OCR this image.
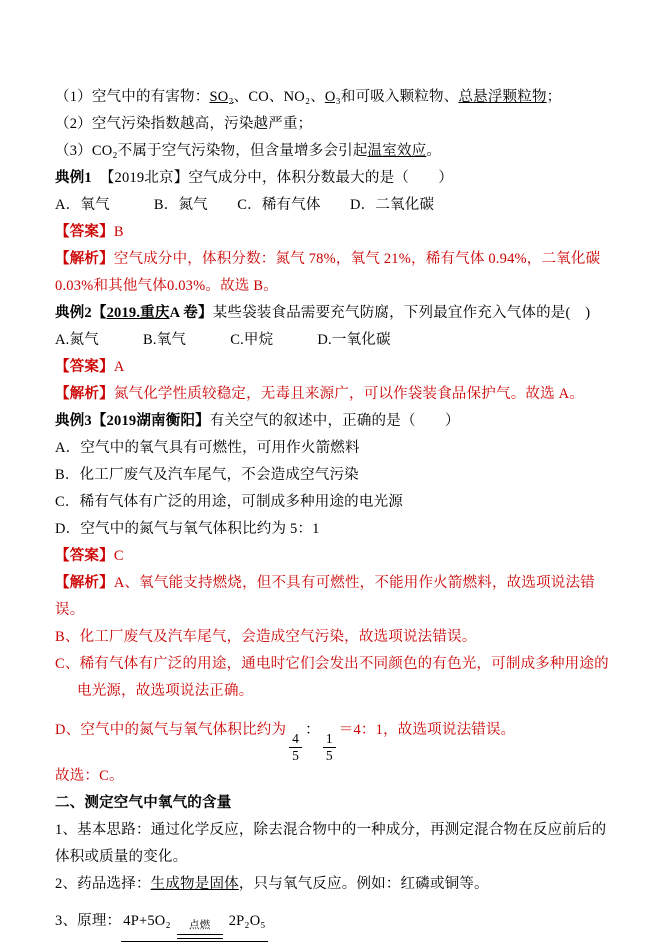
（1）空气中的有害物：SO₂、CO、NO₂、O₃和可吸入颗粒物、总悬浮颗粒物；

（2）空气污染指数越高，污染越严重；

（3）CO₂不属于空气污染物，但含量增多会引起温室效应。

典例1 【2019北京】空气成分中，体积分数最大的是（　　）

A．氧气　　　B．氮气　　C．稀有气体　　D．二氧化碳

【答案】B

【解析】空气成分中，体积分数：氮气 78%，氧气 21%，稀有气体 0.94%，二氧化碳 0.03%和其他气体0.03%。故选 B。

典例2【2019.重庆A 卷】某些袋装食品需要充气防腐，下列最宜作充入气体的是(　)

A.氮气　　　B.氧气　　　C.甲烷　　　D.一氧化碳

【答案】A

【解析】氮气化学性质较稳定，无毒且来源广，可以作袋装食品保护气。故选 A。

典例3【2019湖南衡阳】有关空气的叙述中，正确的是（　　）

A．空气中的氧气具有可燃性，可用作火箭燃料

B．化工厂废气及汽车尾气，不会造成空气污染

C．稀有气体有广泛的用途，可制成多种用途的电光源

D．空气中的氮气与氧气体积比约为 5：1

【答案】C

【解析】A、氧气能支持燃烧，但不具有可燃性，不能用作火箭燃料，故选项说法错误。

B、化工厂废气及汽车尾气，会造成空气污染，故选项说法错误。

C、稀有气体有广泛的用途，通电时它们会发出不同颜色的有色光，可制成多种用途的电光源，故选项说法正确。

D、空气中的氮气与氧气体积比约为
$\frac{4}{5}$
：
$\frac{1}{5}$
＝4：1，故选项说法错误。

故选：C。

二、测定空气中氧气的含量

1、基本思路：通过化学反应，除去混合物中的一种成分，再测定混合物在反应前后的体积或质量的变化。

2、药品选择：生成物是固体，只与氧气反应。例如：红磷或铜等。

3、原理： 4P+5O₂ 点燃 2P₂O₅
